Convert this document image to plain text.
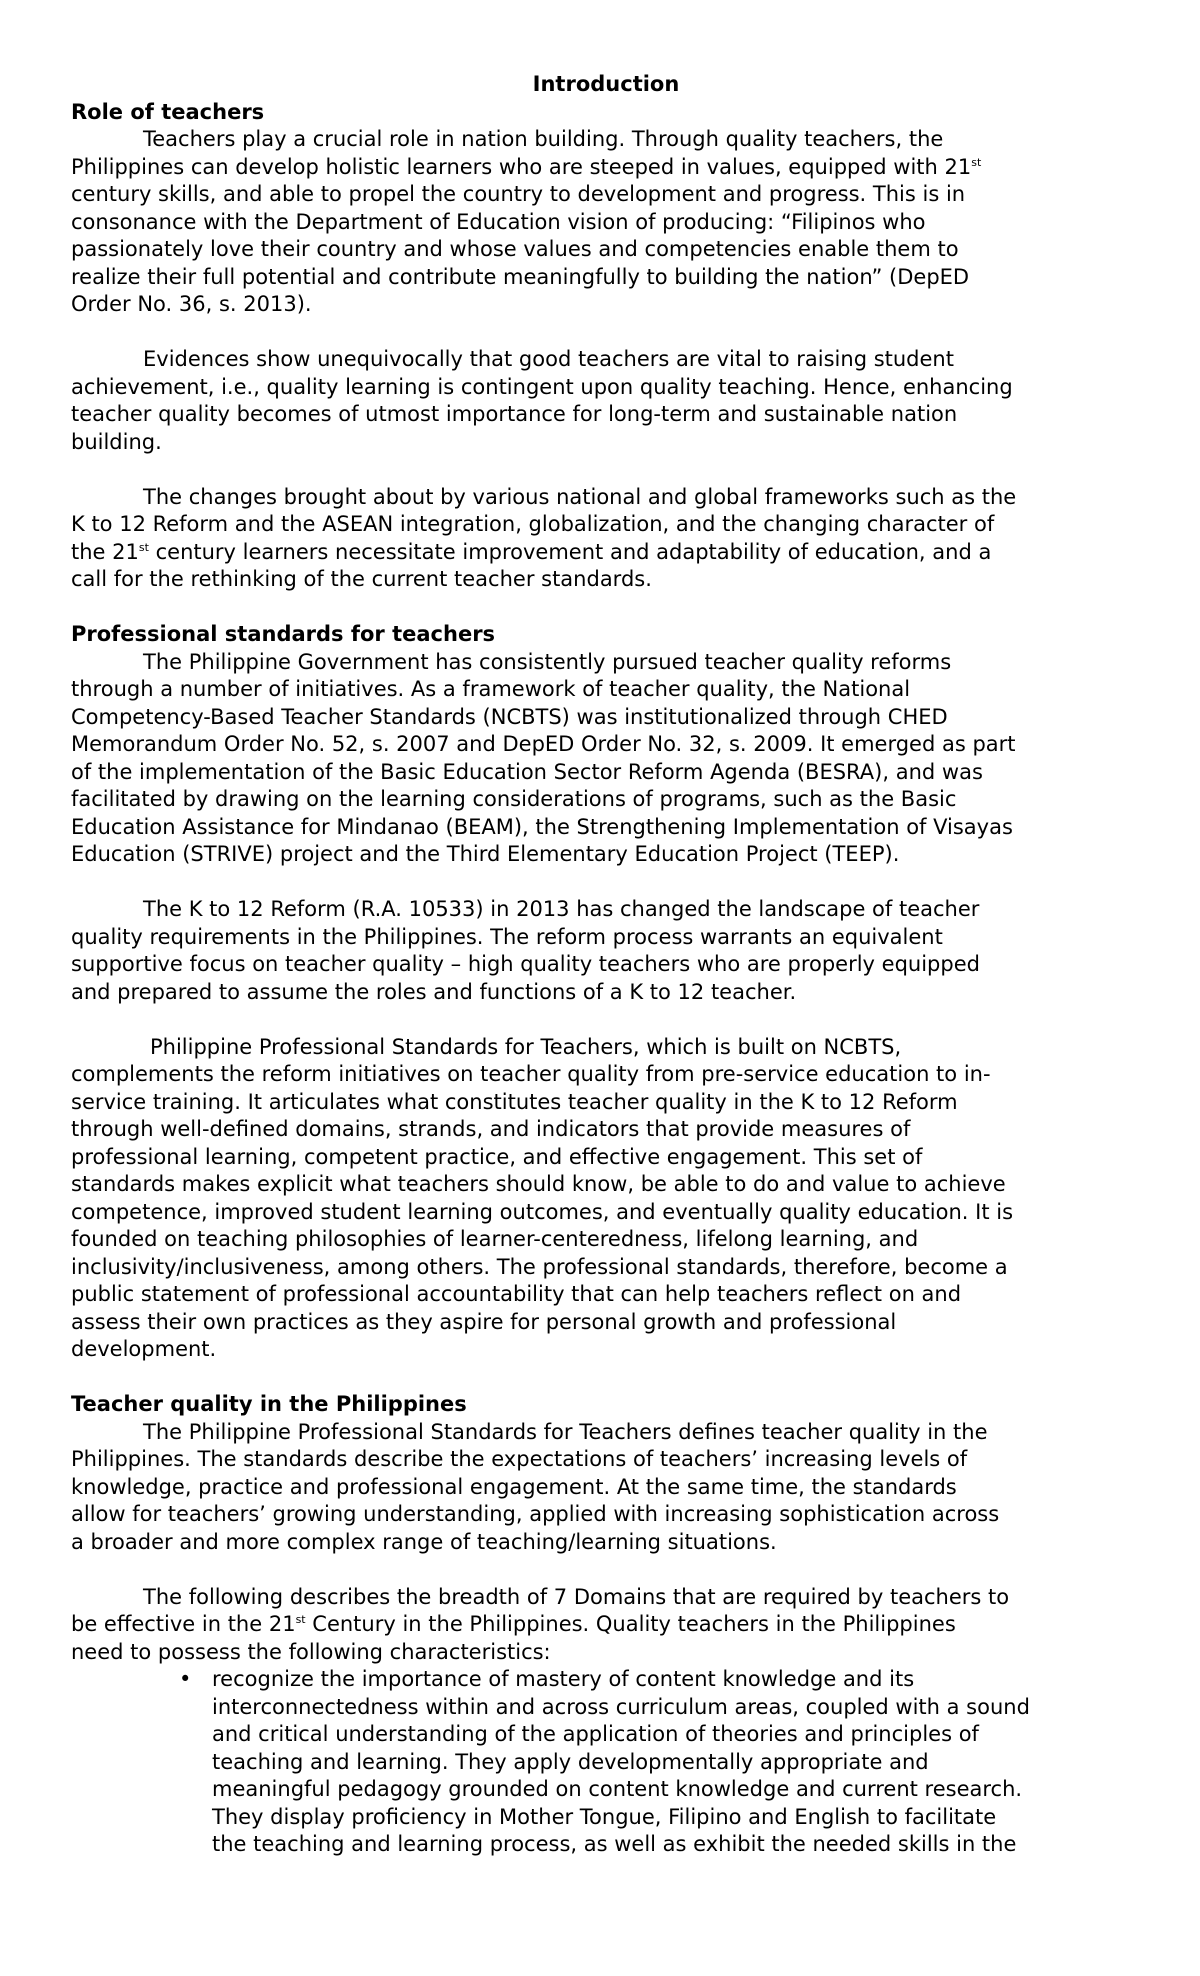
Introduction
Role of teachers
Teachers play a crucial role in nation building. Through quality teachers, the
Philippines can develop holistic learners who are steeped in values, equipped with 21st
century skills, and able to propel the country to development and progress. This is in
consonance with the Department of Education vision of producing: “Filipinos who
passionately love their country and whose values and competencies enable them to
realize their full potential and contribute meaningfully to building the nation” (DepED
Order No. 36, s. 2013).
Evidences show unequivocally that good teachers are vital to raising student
achievement, i.e., quality learning is contingent upon quality teaching. Hence, enhancing
teacher quality becomes of utmost importance for long-term and sustainable nation
building.
The changes brought about by various national and global frameworks such as the
K to 12 Reform and the ASEAN integration, globalization, and the changing character of
the 21st century learners necessitate improvement and adaptability of education, and a
call for the rethinking of the current teacher standards.
Professional standards for teachers
The Philippine Government has consistently pursued teacher quality reforms
through a number of initiatives. As a framework of teacher quality, the National
Competency-Based Teacher Standards (NCBTS) was institutionalized through CHED
Memorandum Order No. 52, s. 2007 and DepED Order No. 32, s. 2009. It emerged as part
of the implementation of the Basic Education Sector Reform Agenda (BESRA), and was
facilitated by drawing on the learning considerations of programs, such as the Basic
Education Assistance for Mindanao (BEAM), the Strengthening Implementation of Visayas
Education (STRIVE) project and the Third Elementary Education Project (TEEP).
The K to 12 Reform (R.A. 10533) in 2013 has changed the landscape of teacher
quality requirements in the Philippines. The reform process warrants an equivalent
supportive focus on teacher quality – high quality teachers who are properly equipped
and prepared to assume the roles and functions of a K to 12 teacher.
Philippine Professional Standards for Teachers, which is built on NCBTS,
complements the reform initiatives on teacher quality from pre-service education to in-
service training. It articulates what constitutes teacher quality in the K to 12 Reform
through well-defined domains, strands, and indicators that provide measures of
professional learning, competent practice, and effective engagement. This set of
standards makes explicit what teachers should know, be able to do and value to achieve
competence, improved student learning outcomes, and eventually quality education. It is
founded on teaching philosophies of learner-centeredness, lifelong learning, and
inclusivity/inclusiveness, among others. The professional standards, therefore, become a
public statement of professional accountability that can help teachers reflect on and
assess their own practices as they aspire for personal growth and professional
development.
Teacher quality in the Philippines
The Philippine Professional Standards for Teachers defines teacher quality in the
Philippines. The standards describe the expectations of teachers’ increasing levels of
knowledge, practice and professional engagement. At the same time, the standards
allow for teachers’ growing understanding, applied with increasing sophistication across
a broader and more complex range of teaching/learning situations.
The following describes the breadth of 7 Domains that are required by teachers to
be effective in the 21st Century in the Philippines. Quality teachers in the Philippines
need to possess the following characteristics:
• recognize the importance of mastery of content knowledge and its
interconnectedness within and across curriculum areas, coupled with a sound
and critical understanding of the application of theories and principles of
teaching and learning. They apply developmentally appropriate and
meaningful pedagogy grounded on content knowledge and current research.
They display proficiency in Mother Tongue, Filipino and English to facilitate
the teaching and learning process, as well as exhibit the needed skills in the
